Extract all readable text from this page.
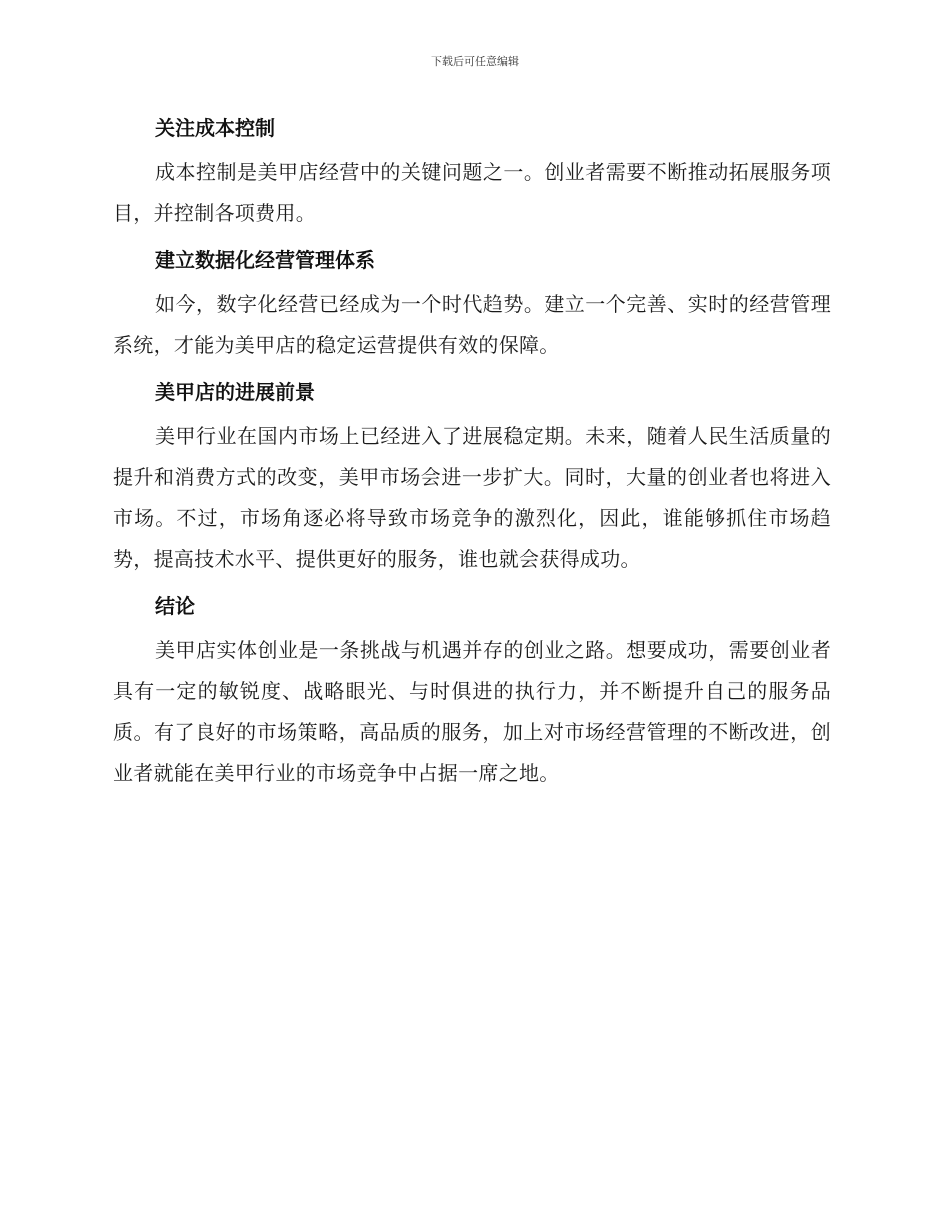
下载后可任意编辑
关注成本控制

成本控制是美甲店经营中的关键问题之一。创业者需要不断推动拓展服务项目，并控制各项费用。

建立数据化经营管理体系

如今，数字化经营已经成为一个时代趋势。建立一个完善、实时的经营管理系统，才能为美甲店的稳定运营提供有效的保障。

美甲店的进展前景

美甲行业在国内市场上已经进入了进展稳定期。未来，随着人民生活质量的提升和消费方式的改变，美甲市场会进一步扩大。同时，大量的创业者也将进入市场。不过，市场角逐必将导致市场竞争的激烈化，因此，谁能够抓住市场趋势，提高技术水平、提供更好的服务，谁也就会获得成功。

结论

美甲店实体创业是一条挑战与机遇并存的创业之路。想要成功，需要创业者具有一定的敏锐度、战略眼光、与时俱进的执行力，并不断提升自己的服务品质。有了良好的市场策略，高品质的服务，加上对市场经营管理的不断改进，创业者就能在美甲行业的市场竞争中占据一席之地。
